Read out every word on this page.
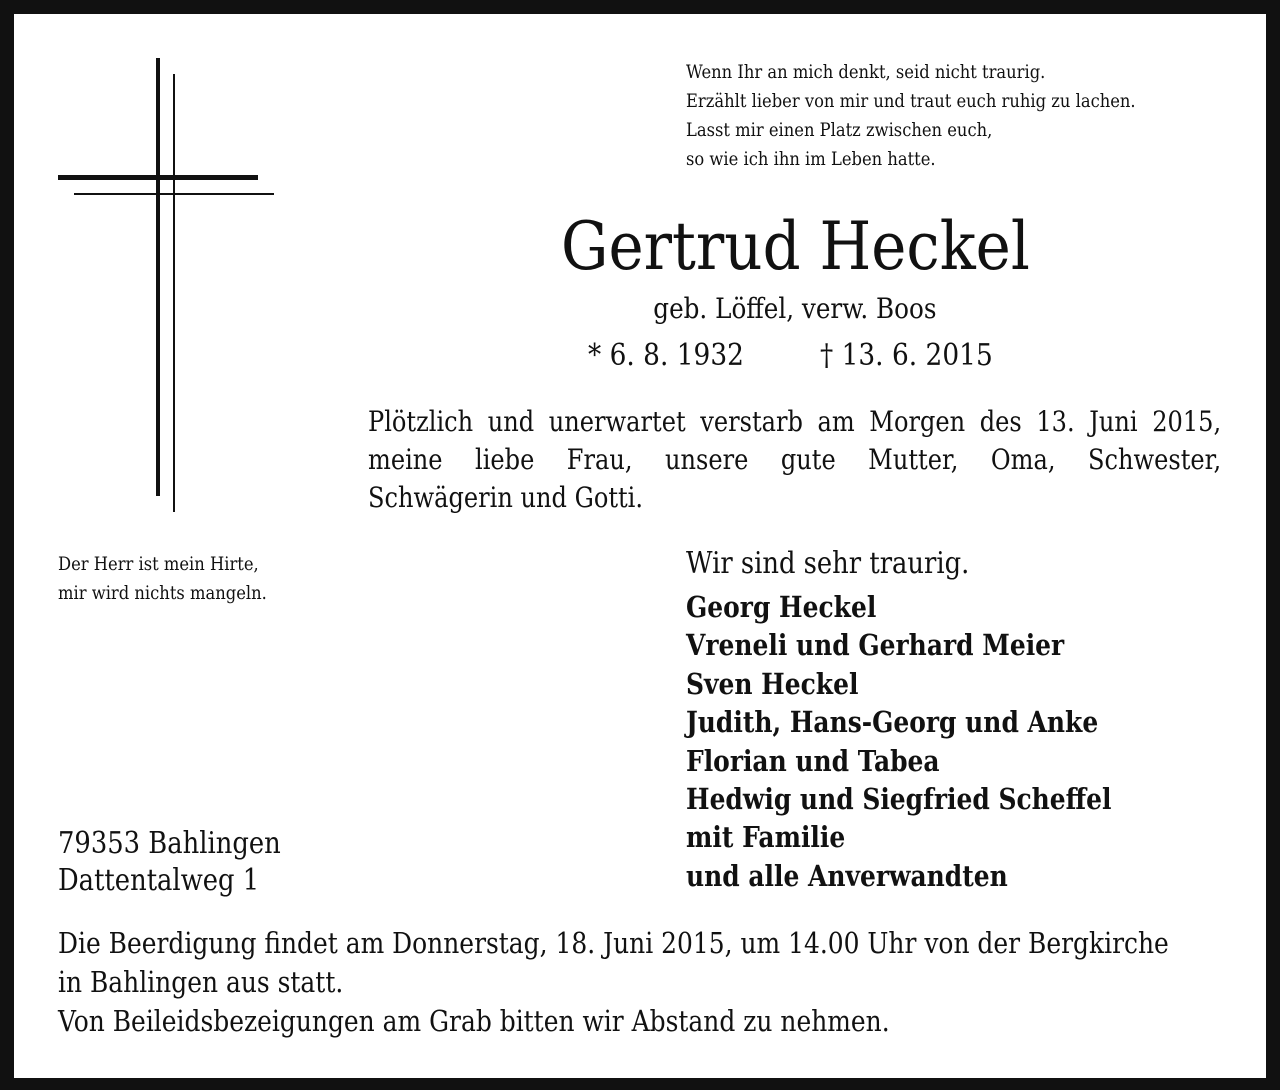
Wenn Ihr an mich denkt, seid nicht traurig.
Erzählt lieber von mir und traut euch ruhig zu lachen.
Lasst mir einen Platz zwischen euch,
so wie ich ihn im Leben hatte.
Gertrud Heckel
geb. Löffel, verw. Boos
* 6. 8. 1932	† 13. 6. 2015
Plötzlich und unerwartet verstarb am Morgen des 13. Juni 2015,
meine liebe Frau, unsere gute Mutter, Oma, Schwester,
Schwägerin und Gotti.
Der Herr ist mein Hirte,
mir wird nichts mangeln.
Wir sind sehr traurig.
Georg Heckel
Vreneli und Gerhard Meier
Sven Heckel
Judith, Hans-Georg und Anke
Florian und Tabea
Hedwig und Siegfried Scheffel
mit Familie
und alle Anverwandten
79353 Bahlingen
Dattentalweg 1
Die Beerdigung findet am Donnerstag, 18. Juni 2015, um 14.00 Uhr von der Bergkirche
in Bahlingen aus statt.
Von Beileidsbezeigungen am Grab bitten wir Abstand zu nehmen.
